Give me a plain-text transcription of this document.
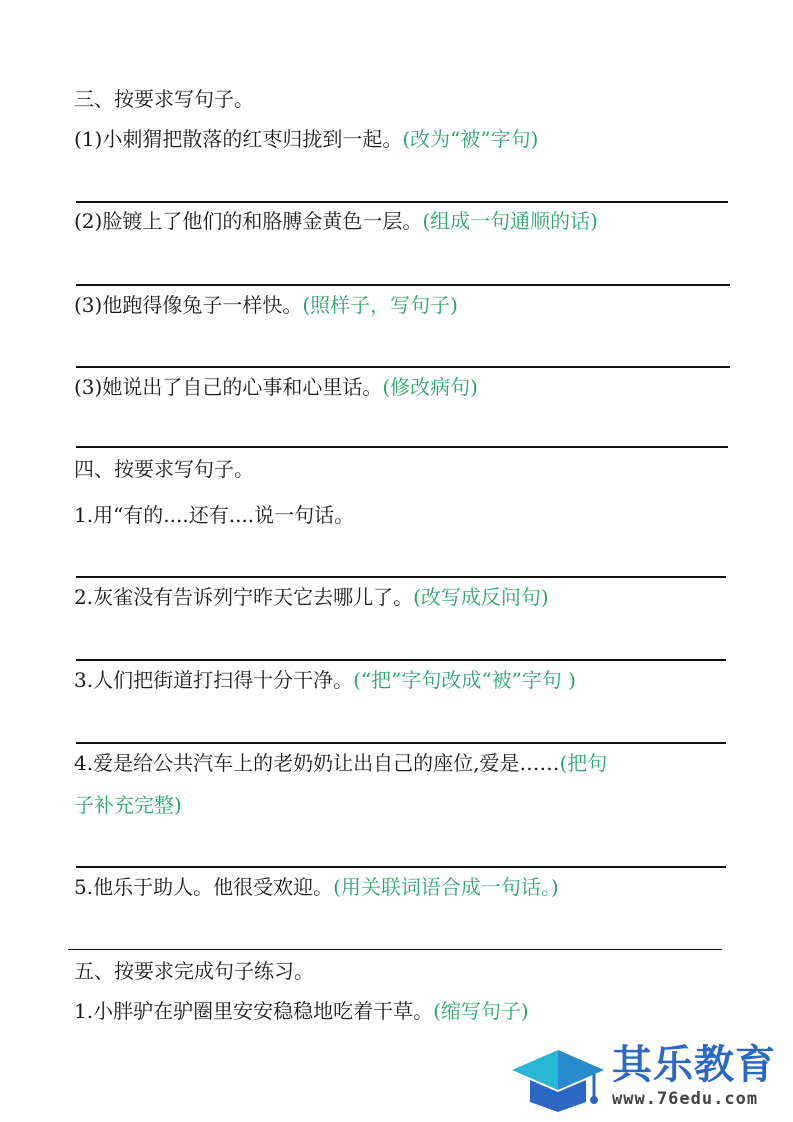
三、按要求写句子。

(1)小刺猬把散落的红枣归拢到一起。(改为“被”字句)

(2)脸镀上了他们的和胳膊金黄色一层。(组成一句通顺的话)

(3)他跑得像兔子一样快。(照样子，写句子)

(3)她说出了自己的心事和心里话。(修改病句)

四、按要求写句子。

1.用“有的....还有....说一句话。

2.灰雀没有告诉列宁昨天它去哪儿了。(改写成反问句)

3.人们把街道打扫得十分干净。(“把”字句改成“被”字句 )

4.爱是给公共汽车上的老奶奶让出自己的座位,爱是……(把句

子补充完整)

5.他乐于助人。他很受欢迎。(用关联词语合成一句话。)

五、按要求完成句子练习。

1.小胖驴在驴圈里安安稳稳地吃着干草。(缩写句子)

其乐教育
www.76edu.com
